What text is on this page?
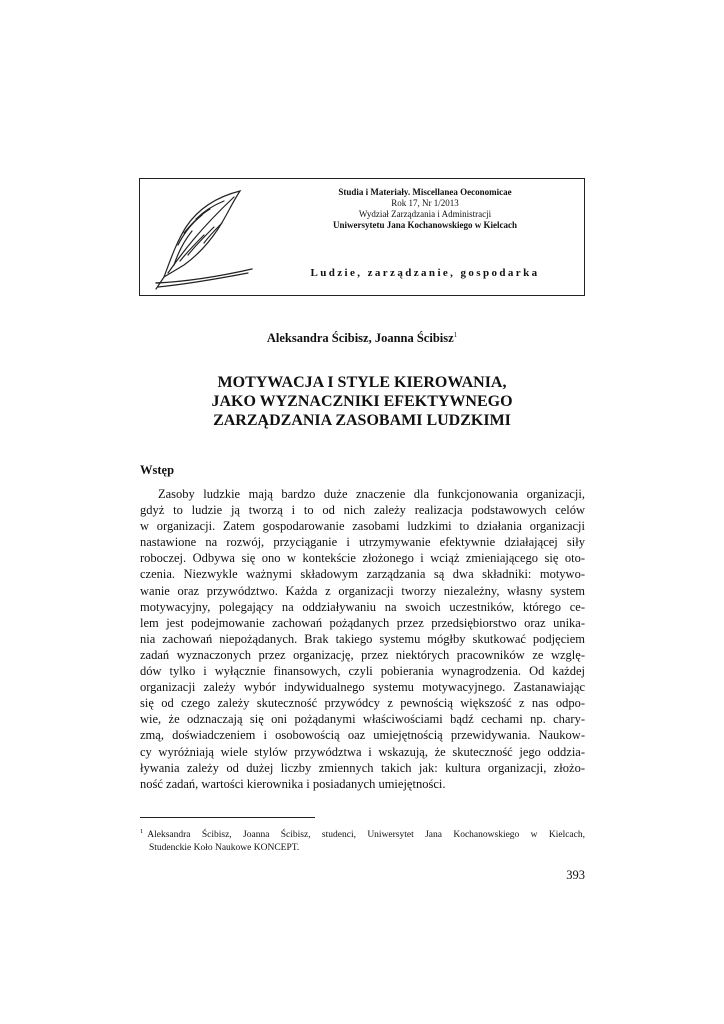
Studia i Materiały. Miscellanea Oeconomicae
Rok 17, Nr 1/2013
Wydział Zarządzania i Administracji
Uniwersytetu Jana Kochanowskiego w Kielcach
Ludzie, zarządzanie, gospodarka
Aleksandra Ścibisz, Joanna Ścibisz$^1$
MOTYWACJA I STYLE KIEROWANIA,
JAKO WYZNACZNIKI EFEKTYWNEGO
ZARZĄDZANIA ZASOBAMI LUDZKIMI
Wstęp
Zasoby ludzkie mają bardzo duże znaczenie dla funkcjonowania organizacji,
gdyż to ludzie ją tworzą i to od nich zależy realizacja podstawowych celów
w organizacji. Zatem gospodarowanie zasobami ludzkimi to działania organizacji
nastawione na rozwój, przyciąganie i utrzymywanie efektywnie działającej siły
roboczej. Odbywa się ono w kontekście złożonego i wciąż zmieniającego się oto-
czenia. Niezwykle ważnymi składowym zarządzania są dwa składniki: motywo-
wanie oraz przywództwo. Każda z organizacji tworzy niezależny, własny system
motywacyjny, polegający na oddziaływaniu na swoich uczestników, którego ce-
lem jest podejmowanie zachowań pożądanych przez przedsiębiorstwo oraz unika-
nia zachowań niepożądanych. Brak takiego systemu mógłby skutkować podjęciem
zadań wyznaczonych przez organizację, przez niektórych pracowników ze wzglę-
dów tylko i wyłącznie finansowych, czyli pobierania wynagrodzenia. Od każdej
organizacji zależy wybór indywidualnego systemu motywacyjnego. Zastanawiając
się od czego zależy skuteczność przywódcy z pewnością większość z nas odpo-
wie, że odznaczają się oni pożądanymi właściwościami bądź cechami np. chary-
zmą, doświadczeniem i osobowością oaz umiejętnością przewidywania. Naukow-
cy wyróżniają wiele stylów przywództwa i wskazują, że skuteczność jego oddzia-
ływania zależy od dużej liczby zmiennych takich jak: kultura organizacji, złożo-
ność zadań, wartości kierownika i posiadanych umiejętności.
$^1$ Aleksandra Ścibisz, Joanna Ścibisz, studenci, Uniwersytet Jana Kochanowskiego w Kielcach,
Studenckie Koło Naukowe KONCEPT.
393
